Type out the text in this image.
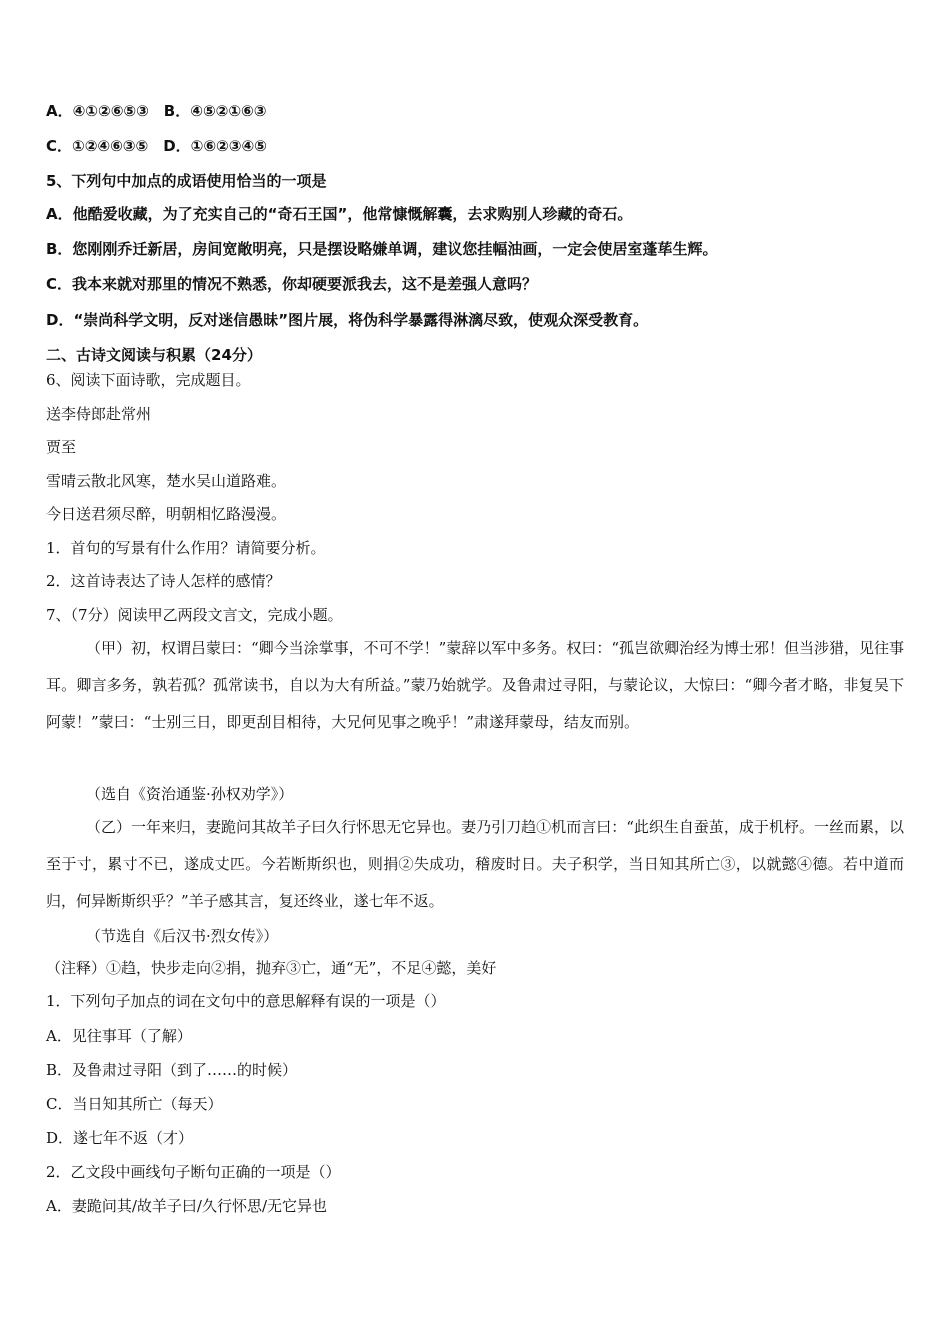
A．④①②⑥⑤③　B．④⑤②①⑥③
C．①②④⑥③⑤　D．①⑥②③④⑤
5、下列句中加点的成语使用恰当的一项是
A．他酷爱收藏，为了充实自己的“奇石王国”，他常慷慨解囊，去求购别人珍藏的奇石。
B．您刚刚乔迁新居，房间宽敞明亮，只是摆设略嫌单调，建议您挂幅油画，一定会使居室蓬荜生辉。
C．我本来就对那里的情况不熟悉，你却硬要派我去，这不是差强人意吗？
D．“崇尚科学文明，反对迷信愚昧”图片展，将伪科学暴露得淋漓尽致，使观众深受教育。
二、古诗文阅读与积累（24分）
6、阅读下面诗歌，完成题目。
送李侍郎赴常州
贾至
雪晴云散北风寒，楚水吴山道路难。
今日送君须尽醉，明朝相忆路漫漫。
1．首句的写景有什么作用？请简要分析。
2．这首诗表达了诗人怎样的感情？
7、（7分）阅读甲乙两段文言文，完成小题。
（甲）初，权谓吕蒙曰：“卿今当涂掌事，不可不学！”蒙辞以军中多务。权曰：“孤岂欲卿治经为博士邪！但当涉猎，见往事耳。卿言多务，孰若孤？孤常读书，自以为大有所益。”蒙乃始就学。及鲁肃过寻阳，与蒙论议，大惊曰：“卿今者才略，非复吴下阿蒙！”蒙曰：“士别三日，即更刮目相待，大兄何见事之晚乎！”肃遂拜蒙母，结友而别。
（选自《资治通鉴·孙权劝学》）
（乙）一年来归，妻跪问其故羊子曰久行怀思无它异也。妻乃引刀趋①机而言曰：“此织生自蚕茧，成于机杼。一丝而累，以至于寸，累寸不已，遂成丈匹。今若断斯织也，则捐②失成功，稽废时日。夫子积学，当日知其所亡③，以就懿④德。若中道而归，何异断斯织乎？”羊子感其言，复还终业，遂七年不返。
（节选自《后汉书·烈女传》）
（注释）①趋，快步走向②捐，抛弃③亡，通“无”，不足④懿，美好
1．下列句子加点的词在文句中的意思解释有误的一项是（）
A．见往事耳（了解）
B．及鲁肃过寻阳（到了……的时候）
C．当日知其所亡（每天）
D．遂七年不返（才）
2．乙文段中画线句子断句正确的一项是（）
A．妻跪问其/故羊子曰/久行怀思/无它异也
